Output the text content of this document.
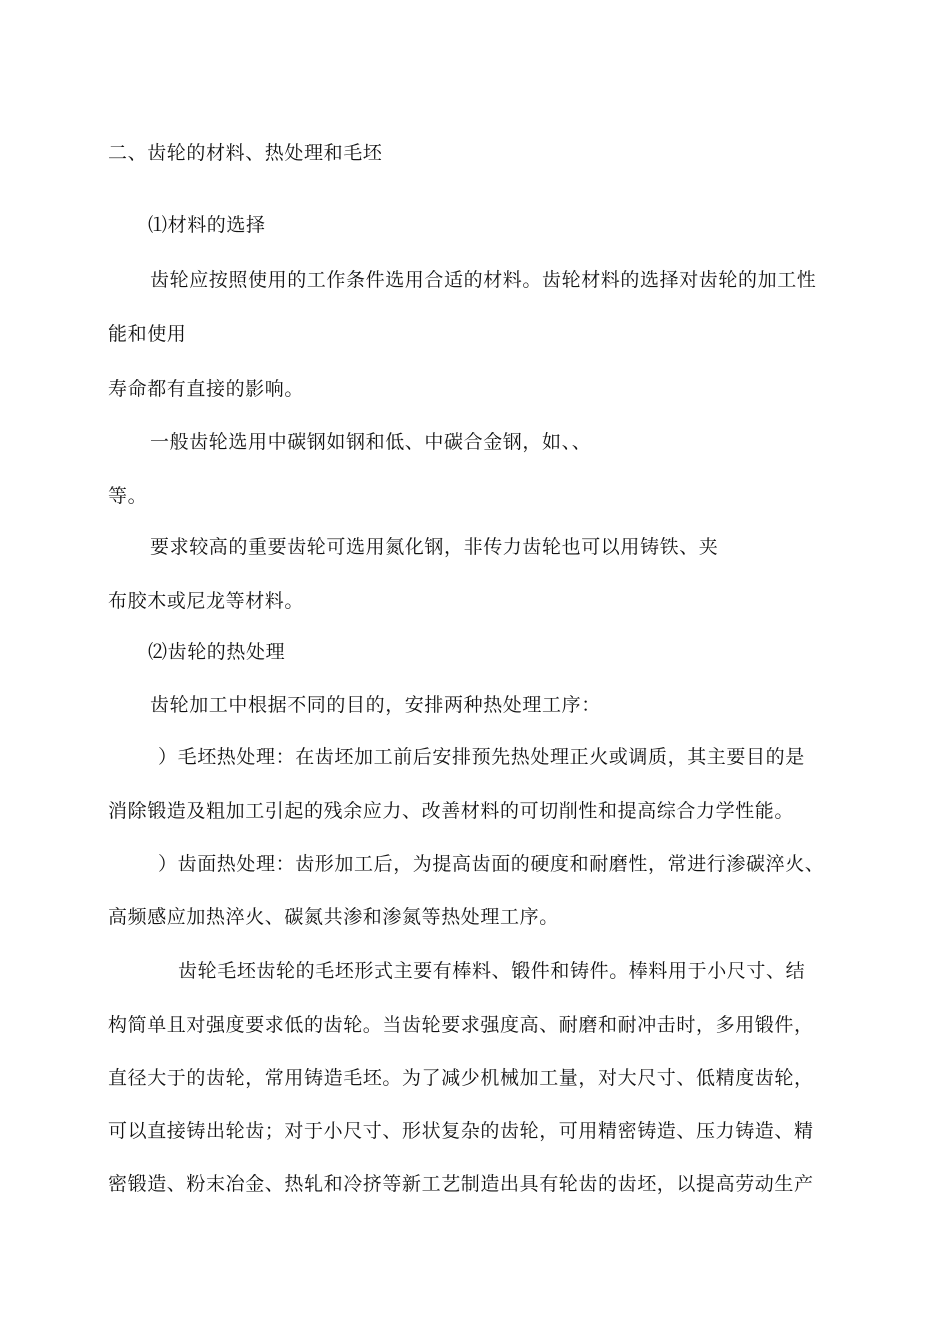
二、齿轮的材料、热处理和毛坯
⑴材料的选择
齿轮应按照使用的工作条件选用合适的材料。齿轮材料的选择对齿轮的加工性
能和使用
寿命都有直接的影响。
一般齿轮选用中碳钢如钢和低、中碳合金钢，如、、
等。
要求较高的重要齿轮可选用氮化钢，非传力齿轮也可以用铸铁、夹
布胶木或尼龙等材料。
⑵齿轮的热处理
齿轮加工中根据不同的目的，安排两种热处理工序：
）毛坯热处理：在齿坯加工前后安排预先热处理正火或调质，其主要目的是
消除锻造及粗加工引起的残余应力、改善材料的可切削性和提高综合力学性能。
）齿面热处理：齿形加工后，为提高齿面的硬度和耐磨性，常进行渗碳淬火、
高频感应加热淬火、碳氮共渗和渗氮等热处理工序。
齿轮毛坯齿轮的毛坯形式主要有棒料、锻件和铸件。棒料用于小尺寸、结
构简单且对强度要求低的齿轮。当齿轮要求强度高、耐磨和耐冲击时，多用锻件，
直径大于的齿轮，常用铸造毛坯。为了减少机械加工量，对大尺寸、低精度齿轮，
可以直接铸出轮齿；对于小尺寸、形状复杂的齿轮，可用精密铸造、压力铸造、精
密锻造、粉末冶金、热轧和冷挤等新工艺制造出具有轮齿的齿坯，以提高劳动生产
